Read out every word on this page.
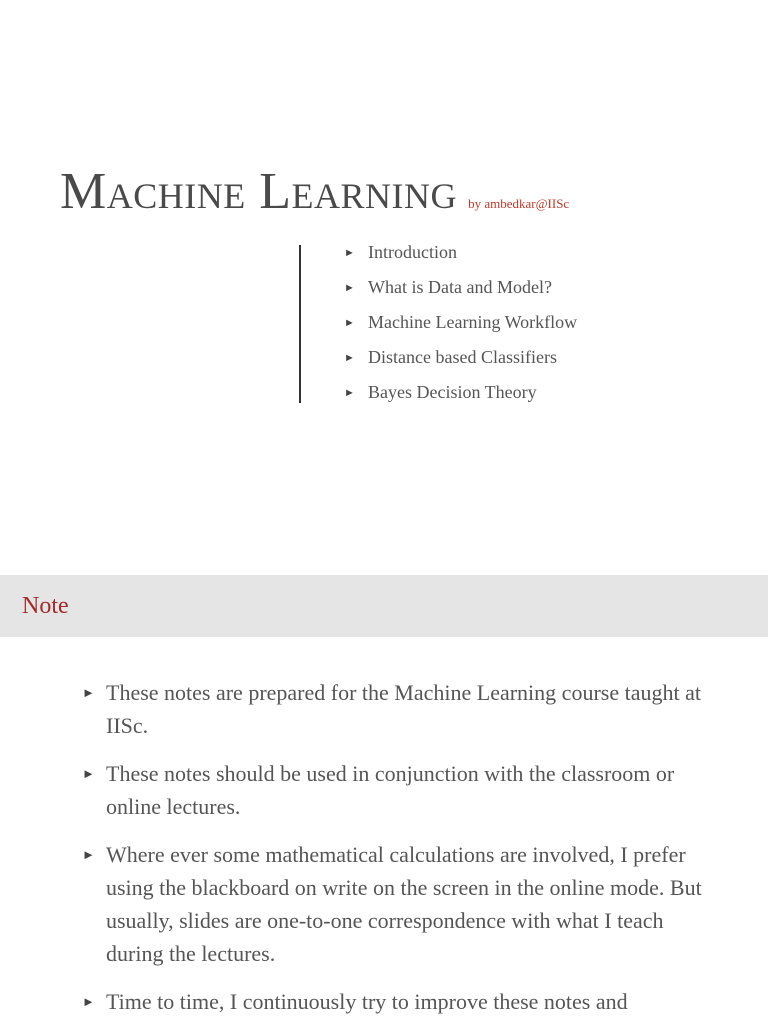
Machine Learning by ambedkar@IISc
► Introduction
► What is Data and Model?
► Machine Learning Workflow
► Distance based Classifiers
► Bayes Decision Theory
Note
► These notes are prepared for the Machine Learning course taught at IISc.
► These notes should be used in conjunction with the classroom or online lectures.
► Where ever some mathematical calculations are involved, I prefer using the blackboard on write on the screen in the online mode. But usually, slides are one-to-one correspondence with what I teach during the lectures.
► Time to time, I continuously try to improve these notes and
